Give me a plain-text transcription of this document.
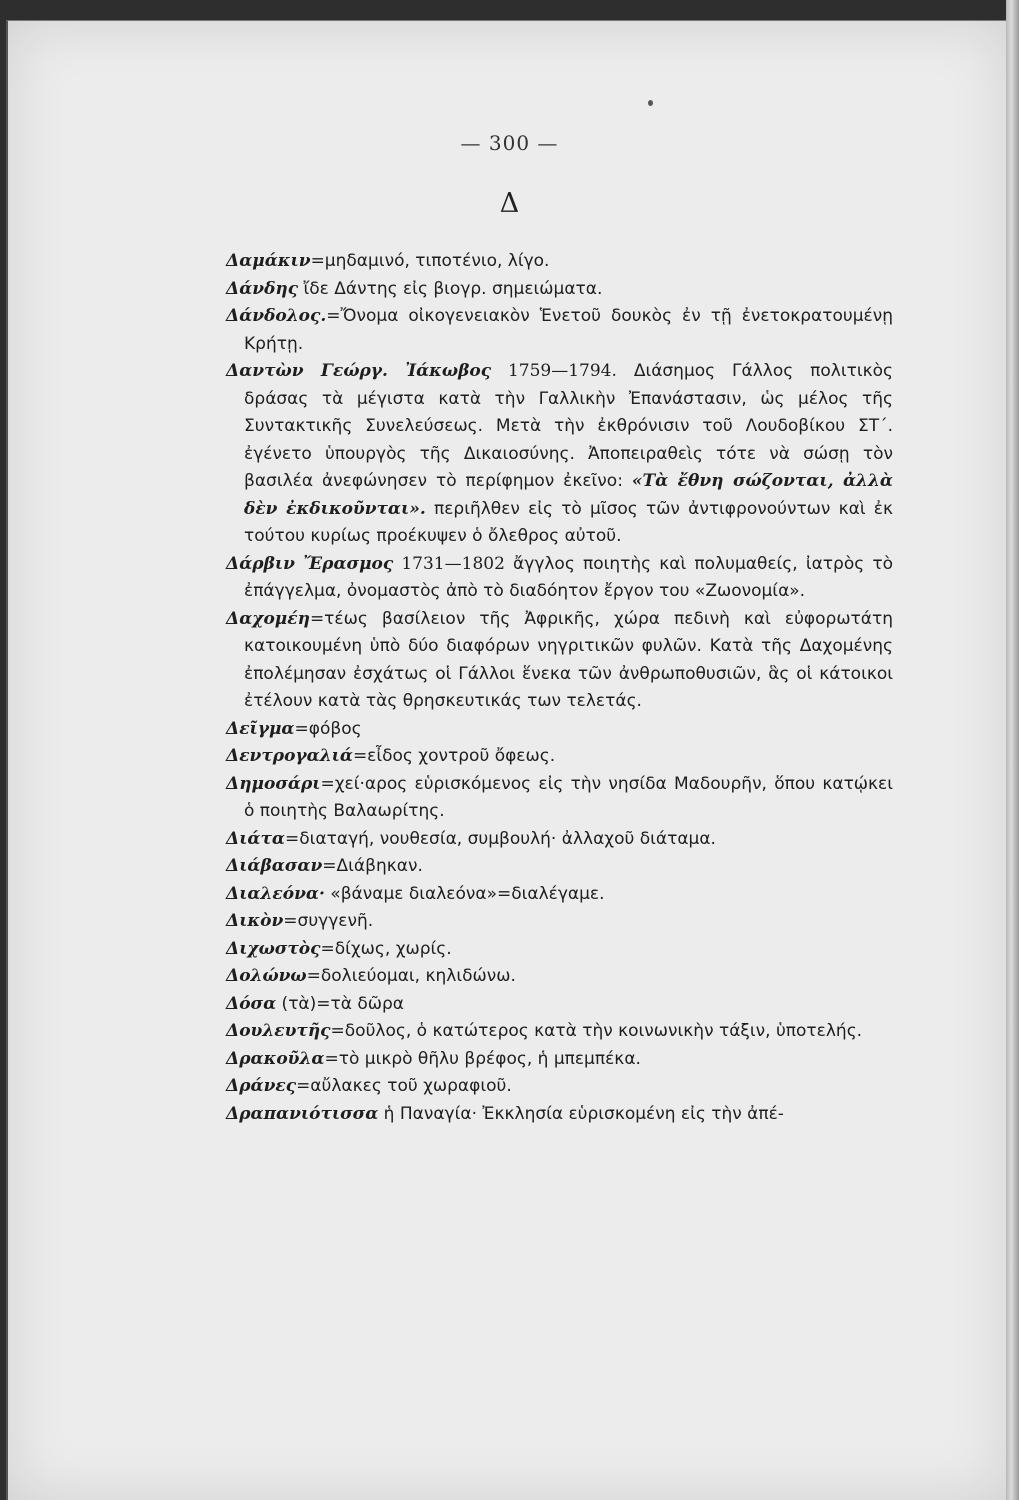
— 300 —
Δ
Δαμάκιν=μηδαμινό, τιποτένιο, λίγο.
Δάνδης ἴδε Δάντης εἰς βιογρ. σημειώματα.
Δάνδολος.=Ὄνομα οἰκογενειακὸν Ἑνετοῦ δουκὸς ἐν τῇ ἐνετοκρατουμένῃ Κρήτῃ.
Δαντὼν Γεώργ. Ἰάκωβος 1759—1794. Διάσημος Γάλλος πολιτικὸς δράσας τὰ μέγιστα κατὰ τὴν Γαλλικὴν Ἐπανάστασιν, ὡς μέλος τῆς Συντακτικῆς Συνελεύσεως. Μετὰ τὴν ἐκθρόνισιν τοῦ Λουδοβίκου ΣΤ΄. ἐγένετο ὑπουργὸς τῆς Δικαιοσύνης. Ἀποπειραθεὶς τότε νὰ σώσῃ τὸν βασιλέα ἀνεφώνησεν τὸ περίφημον ἐκεῖνο: «Τὰ ἔθνη σώζονται, ἀλλὰ δὲν ἐκδικοῦνται». περιῆλθεν εἰς τὸ μῖσος τῶν ἀντιφρονούντων καὶ ἐκ τούτου κυρίως προέκυψεν ὁ ὄλεθρος αὐτοῦ.
Δάρβιν Ἔρασμος 1731—1802 ἄγγλος ποιητὴς καὶ πολυμαθείς, ἰατρὸς τὸ ἐπάγγελμα, ὀνομαστὸς ἀπὸ τὸ διαδόητον ἔργον του «Ζωονομία».
Δαχομέη=τέως βασίλειον τῆς Ἀφρικῆς, χώρα πεδινὴ καὶ εὐφορωτάτη κατοικουμένη ὑπὸ δύο διαφόρων νηγριτικῶν φυλῶν. Κατὰ τῆς Δαχομένης ἐπολέμησαν ἐσχάτως οἱ Γάλλοι ἕνεκα τῶν ἀνθρωποθυσιῶν, ἃς οἱ κάτοικοι ἐτέλουν κατὰ τὰς θρησκευτικάς των τελετάς.
Δεῖγμα=φόβος
Δεντρογαλιά=εἶδος χοντροῦ ὄφεως.
Δημοσάρι=χεί·αρος εὑρισκόμενος εἰς τὴν νησίδα Μαδουρῆν, ὅπου κατῴκει ὁ ποιητὴς Βαλαωρίτης.
Διάτα=διαταγή, νουθεσία, συμβουλή· ἀλλαχοῦ διάταμα.
Διάβασαν=Διάβηκαν.
Διαλεόνα· «βάναμε διαλεόνα»=διαλέγαμε.
Δικὸν=συγγενῆ.
Διχωστὸς=δίχως, χωρίς.
Δολώνω=δολιεύομαι, κηλιδώνω.
Δόσα (τὰ)=τὰ δῶρα
Δουλευτῆς=δοῦλος, ὁ κατώτερος κατὰ τὴν κοινωνικὴν τάξιν, ὑποτελής.
Δρακοῦλα=τὸ μικρὸ θῆλυ βρέφος, ἡ μπεμπέκα.
Δράνες=αὔλακες τοῦ χωραφιοῦ.
Δραπανιότισσα ἡ Παναγία· Ἐκκλησία εὑρισκομένη εἰς τὴν ἀπέ-
